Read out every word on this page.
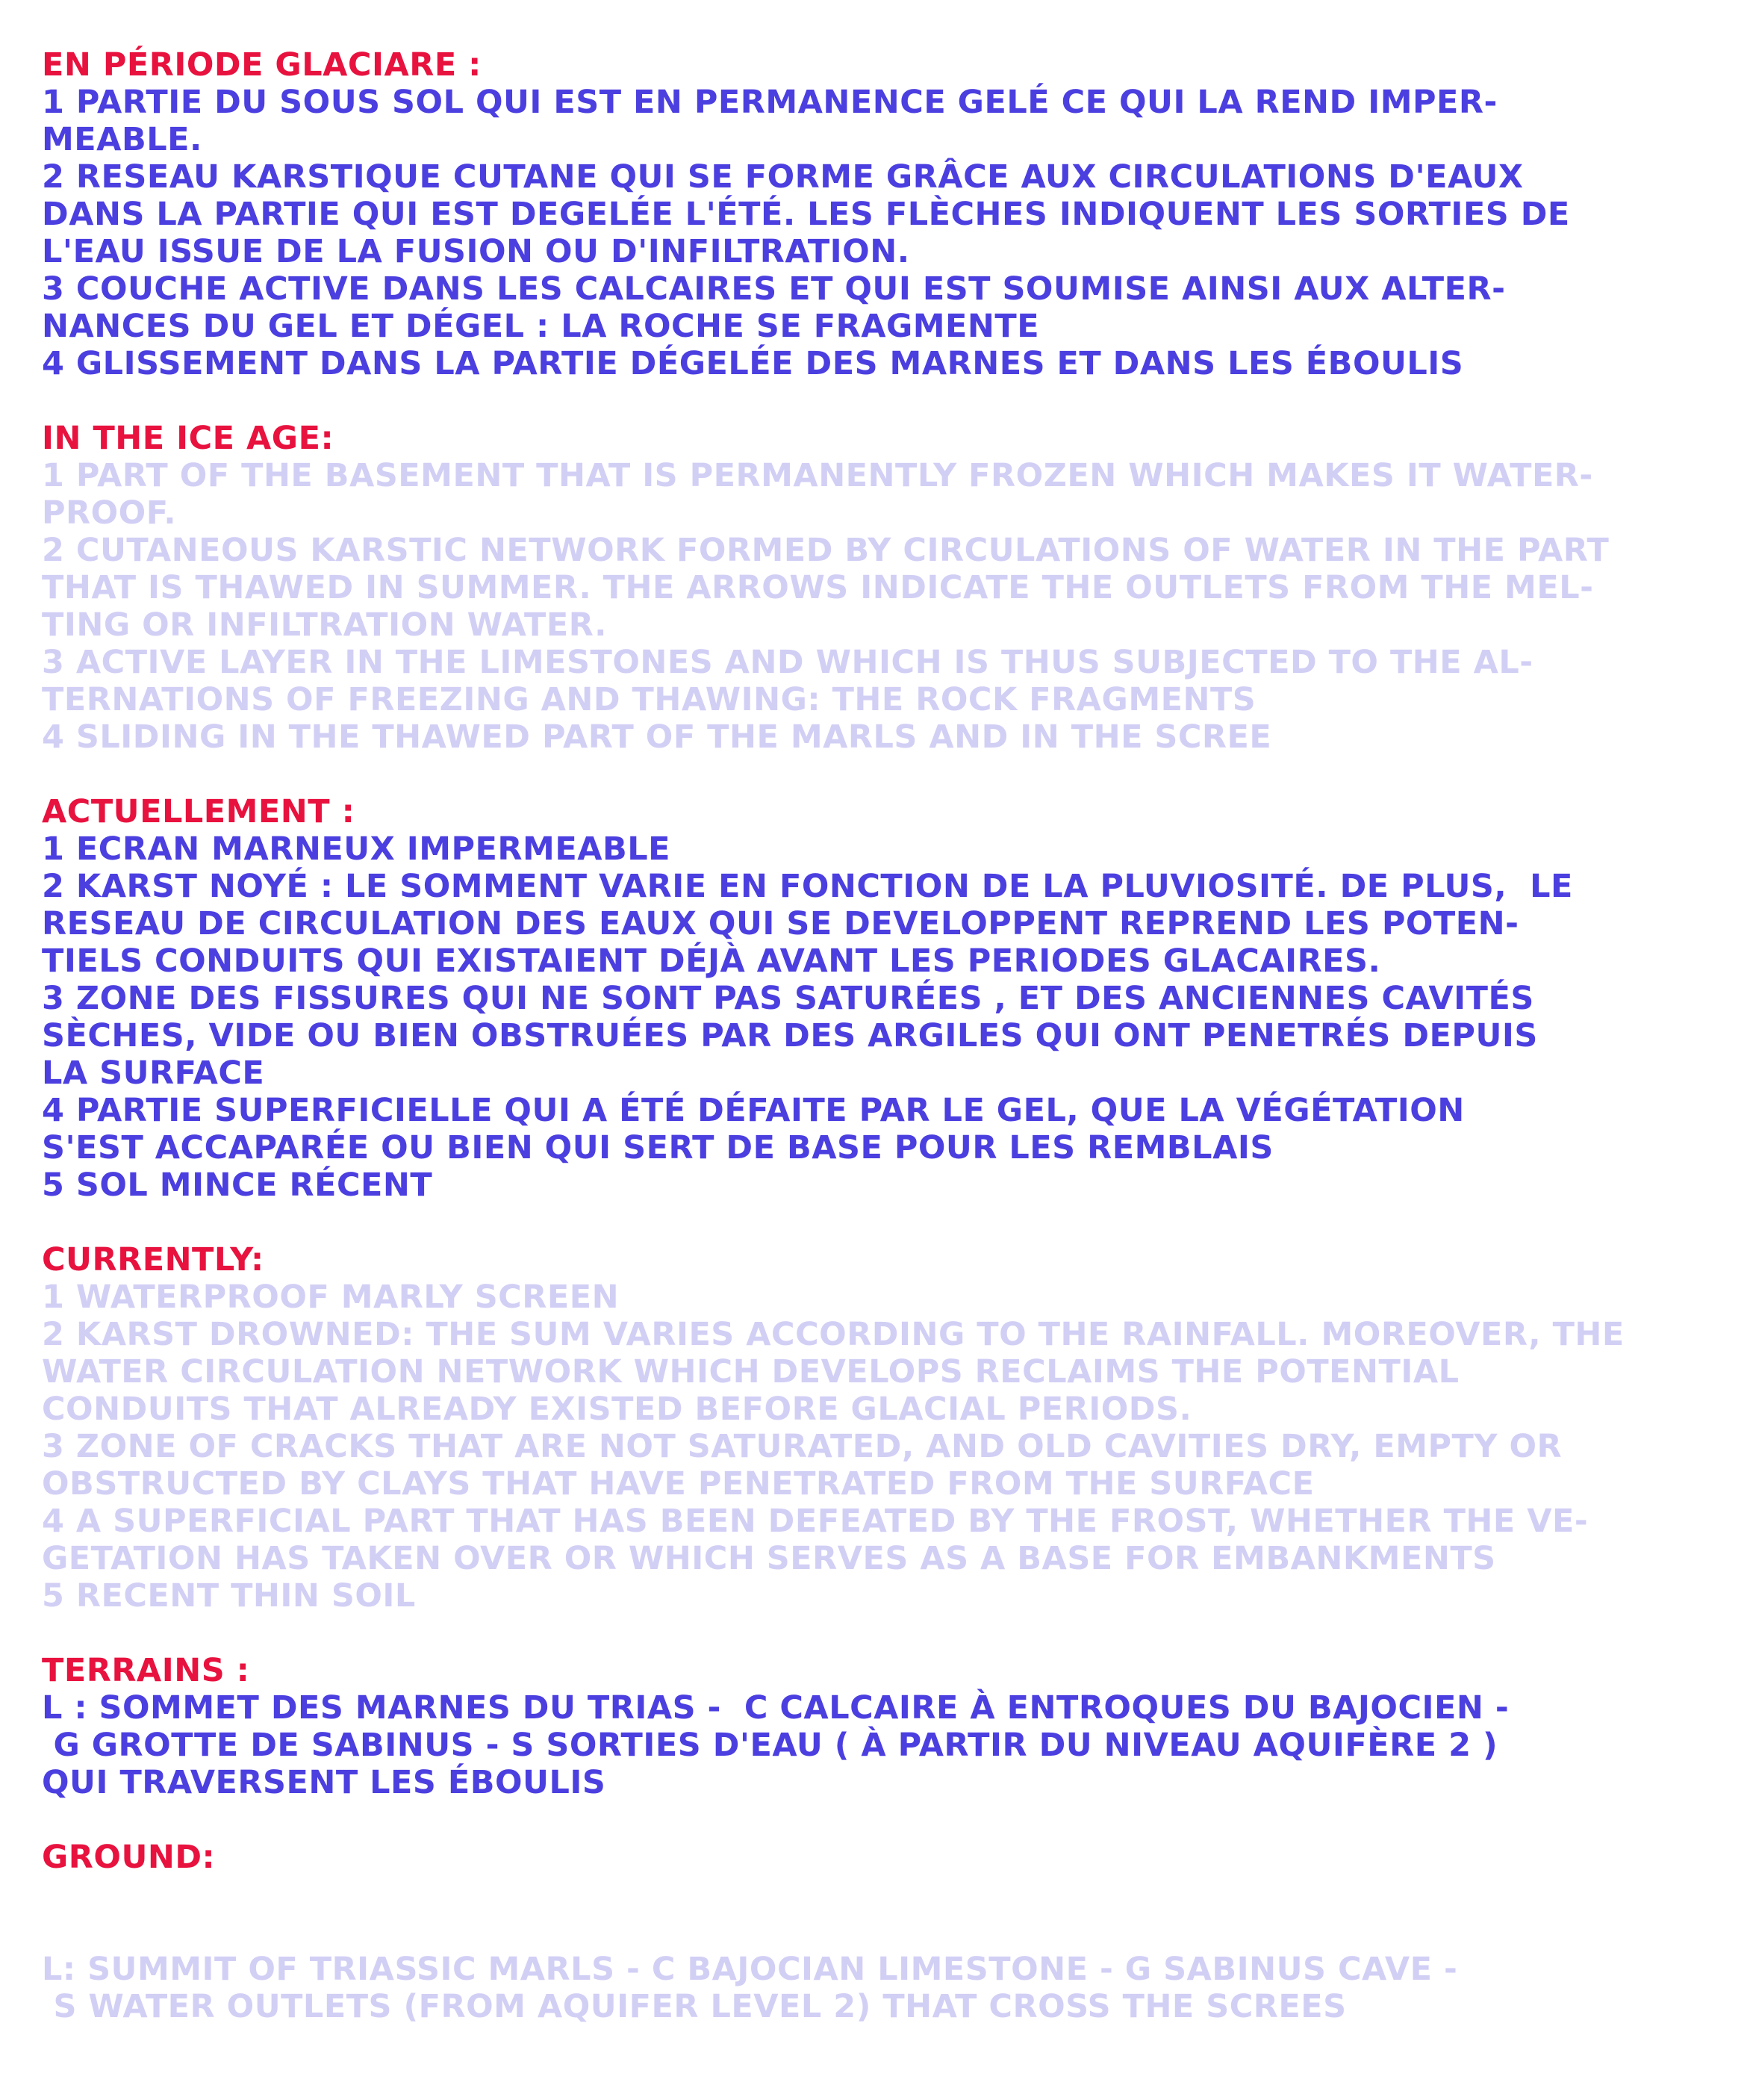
EN PÉRIODE GLACIARE :
1 PARTIE DU SOUS SOL QUI EST EN PERMANENCE GELÉ CE QUI LA REND IMPER-
MEABLE.
2 RESEAU KARSTIQUE CUTANE QUI SE FORME GRÂCE AUX CIRCULATIONS D'EAUX
DANS LA PARTIE QUI EST DEGELÉE L'ÉTÉ. LES FLÈCHES INDIQUENT LES SORTIES DE
L'EAU ISSUE DE LA FUSION OU D'INFILTRATION.
3 COUCHE ACTIVE DANS LES CALCAIRES ET QUI EST SOUMISE AINSI AUX ALTER-
NANCES DU GEL ET DÉGEL : LA ROCHE SE FRAGMENTE
4 GLISSEMENT DANS LA PARTIE DÉGELÉE DES MARNES ET DANS LES ÉBOULIS
IN THE ICE AGE:
1 PART OF THE BASEMENT THAT IS PERMANENTLY FROZEN WHICH MAKES IT WATER-
PROOF.
2 CUTANEOUS KARSTIC NETWORK FORMED BY CIRCULATIONS OF WATER IN THE PART
THAT IS THAWED IN SUMMER. THE ARROWS INDICATE THE OUTLETS FROM THE MEL-
TING OR INFILTRATION WATER.
3 ACTIVE LAYER IN THE LIMESTONES AND WHICH IS THUS SUBJECTED TO THE AL-
TERNATIONS OF FREEZING AND THAWING: THE ROCK FRAGMENTS
4 SLIDING IN THE THAWED PART OF THE MARLS AND IN THE SCREE
ACTUELLEMENT :
1 ECRAN MARNEUX IMPERMEABLE
2 KARST NOYÉ : LE SOMMENT VARIE EN FONCTION DE LA PLUVIOSITÉ. DE PLUS,  LE
RESEAU DE CIRCULATION DES EAUX QUI SE DEVELOPPENT REPREND LES POTEN-
TIELS CONDUITS QUI EXISTAIENT DÉJÀ AVANT LES PERIODES GLACAIRES.
3 ZONE DES FISSURES QUI NE SONT PAS SATURÉES , ET DES ANCIENNES CAVITÉS
SÈCHES, VIDE OU BIEN OBSTRUÉES PAR DES ARGILES QUI ONT PENETRÉS DEPUIS
LA SURFACE
4 PARTIE SUPERFICIELLE QUI A ÉTÉ DÉFAITE PAR LE GEL, QUE LA VÉGÉTATION
S'EST ACCAPARÉE OU BIEN QUI SERT DE BASE POUR LES REMBLAIS
5 SOL MINCE RÉCENT
CURRENTLY:
1 WATERPROOF MARLY SCREEN
2 KARST DROWNED: THE SUM VARIES ACCORDING TO THE RAINFALL. MOREOVER, THE
WATER CIRCULATION NETWORK WHICH DEVELOPS RECLAIMS THE POTENTIAL
CONDUITS THAT ALREADY EXISTED BEFORE GLACIAL PERIODS.
3 ZONE OF CRACKS THAT ARE NOT SATURATED, AND OLD CAVITIES DRY, EMPTY OR
OBSTRUCTED BY CLAYS THAT HAVE PENETRATED FROM THE SURFACE
4 A SUPERFICIAL PART THAT HAS BEEN DEFEATED BY THE FROST, WHETHER THE VE-
GETATION HAS TAKEN OVER OR WHICH SERVES AS A BASE FOR EMBANKMENTS
5 RECENT THIN SOIL
TERRAINS :
L : SOMMET DES MARNES DU TRIAS -  C CALCAIRE À ENTROQUES DU BAJOCIEN -
G GROTTE DE SABINUS - S SORTIES D'EAU ( À PARTIR DU NIVEAU AQUIFÈRE 2 )
QUI TRAVERSENT LES ÉBOULIS
GROUND:
L: SUMMIT OF TRIASSIC MARLS - C BAJOCIAN LIMESTONE - G SABINUS CAVE -
S WATER OUTLETS (FROM AQUIFER LEVEL 2) THAT CROSS THE SCREES
